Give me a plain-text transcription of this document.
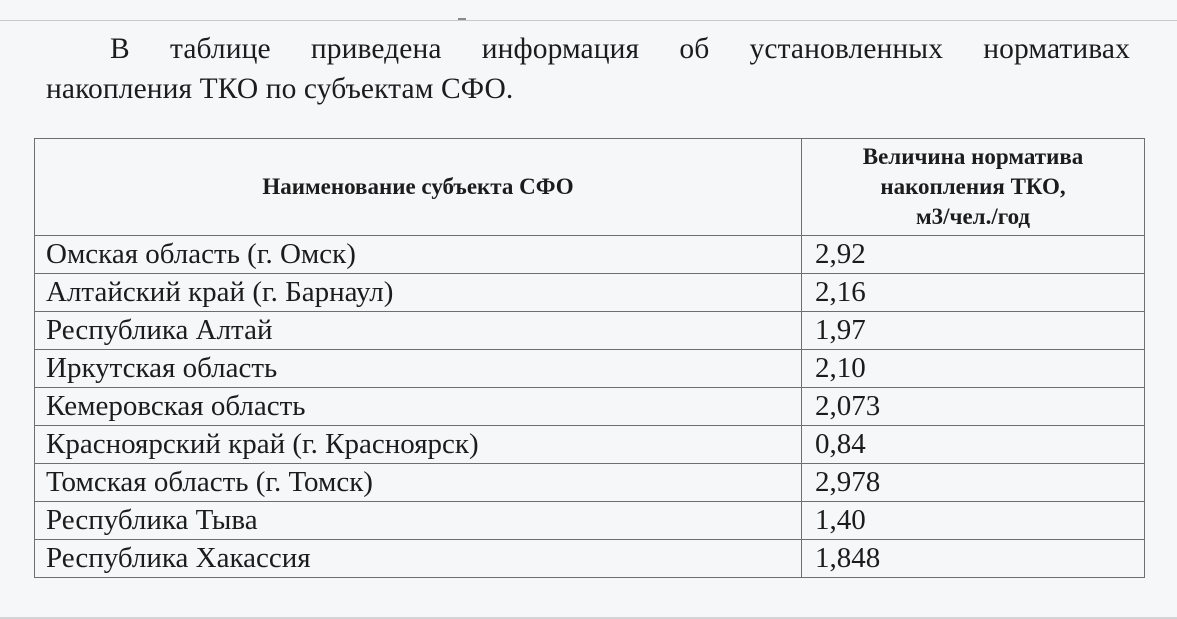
В таблице приведена информация об установленных нормативах
накопления ТКО по субъектам СФО.
Наименование субъекта СФО	Величина норматива
накопления ТКО,
м3/чел./год

Омская область (г. Омск)	2,92
Алтайский край (г. Барнаул)	2,16
Республика Алтай	1,97
Иркутская область	2,10
Кемеровская область	2,073
Красноярский край (г. Красноярск)	0,84
Томская область (г. Томск)	2,978
Республика Тыва	1,40
Республика Хакассия	1,848
